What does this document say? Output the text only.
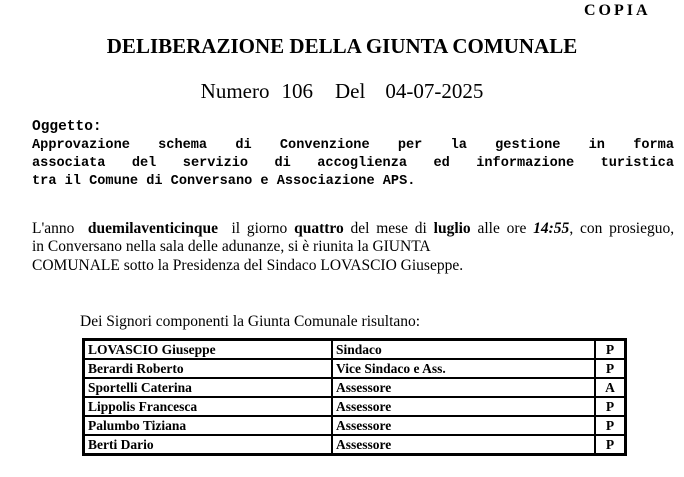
COPIA
DELIBERAZIONE DELLA GIUNTA COMUNALE
Numero 106 Del 04-07-2025
Oggetto:
Approvazione schema di Convenzione per la gestione in forma
associata del servizio di accoglienza ed informazione turistica
tra il Comune di Conversano e Associazione APS.
L'anno duemilaventicinque il giorno quattro del mese di luglio alle ore 14:55, con prosieguo,
in Conversano nella sala delle adunanze, si è riunita la GIUNTA
COMUNALE sotto la Presidenza del Sindaco LOVASCIO Giuseppe.
Dei Signori componenti la Giunta Comunale risultano:
LOVASCIO Giuseppe	Sindaco	P
Berardi Roberto	Vice Sindaco e Ass.	P
Sportelli Caterina	Assessore	A
Lippolis Francesca	Assessore	P
Palumbo Tiziana	Assessore	P
Berti Dario	Assessore	P
